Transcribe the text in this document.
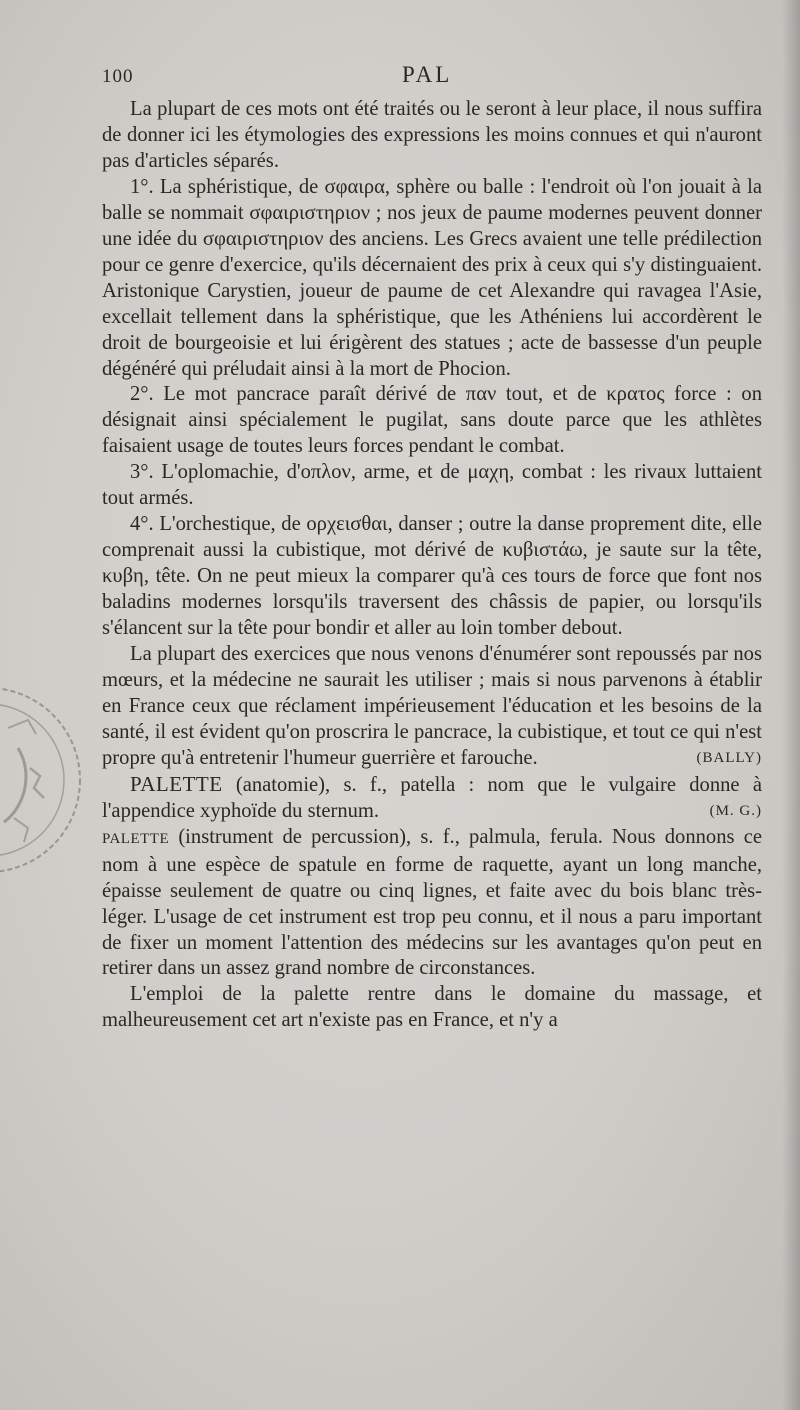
100	PAL

La plupart de ces mots ont été traités ou le seront à leur place, il nous suffira de donner ici les étymologies des expressions les moins connues et qui n'auront pas d'articles séparés.

1°. La sphéristique, de σφαιρα, sphère ou balle : l'endroit où l'on jouait à la balle se nommait σφαιριστηριον ; nos jeux de paume modernes peuvent donner une idée du σφαιριστηριον des anciens. Les Grecs avaient une telle prédilection pour ce genre d'exercice, qu'ils décernaient des prix à ceux qui s'y distinguaient. Aristonique Carystien, joueur de paume de cet Alexandre qui ravagea l'Asie, excellait tellement dans la sphéristique, que les Athéniens lui accordèrent le droit de bourgeoisie et lui érigèrent des statues ; acte de bassesse d'un peuple dégénéré qui préludait ainsi à la mort de Phocion.

2°. Le mot pancrace paraît dérivé de παν tout, et de κρατος force : on désignait ainsi spécialement le pugilat, sans doute parce que les athlètes faisaient usage de toutes leurs forces pendant le combat.

3°. L'oplomachie, d'οπλον, arme, et de μαχη, combat : les rivaux luttaient tout armés.

4°. L'orchestique, de ορχεισθαι, danser ; outre la danse proprement dite, elle comprenait aussi la cubistique, mot dérivé de κυβιστάω, je saute sur la tête, κυβη, tête. On ne peut mieux la comparer qu'à ces tours de force que font nos baladins modernes lorsqu'ils traversent des châssis de papier, ou lorsqu'ils s'élancent sur la tête pour bondir et aller au loin tomber debout.

La plupart des exercices que nous venons d'énumérer sont repoussés par nos mœurs, et la médecine ne saurait les utiliser ; mais si nous parvenons à établir en France ceux que réclament impérieusement l'éducation et les besoins de la santé, il est évident qu'on proscrira le pancrace, la cubistique, et tout ce qui n'est propre qu'à entretenir l'humeur guerrière et farouche.	(BALLY)

PALETTE (anatomie), s. f., patella : nom que le vulgaire donne à l'appendice xyphoïde du sternum.	(M. G.)

PALETTE (instrument de percussion), s. f., palmula, ferula. Nous donnons ce nom à une espèce de spatule en forme de raquette, ayant un long manche, épaisse seulement de quatre ou cinq lignes, et faite avec du bois blanc très-léger. L'usage de cet instrument est trop peu connu, et il nous a paru important de fixer un moment l'attention des médecins sur les avantages qu'on peut en retirer dans un assez grand nombre de circonstances.

L'emploi de la palette rentre dans le domaine du massage, et malheureusement cet art n'existe pas en France, et n'y a
